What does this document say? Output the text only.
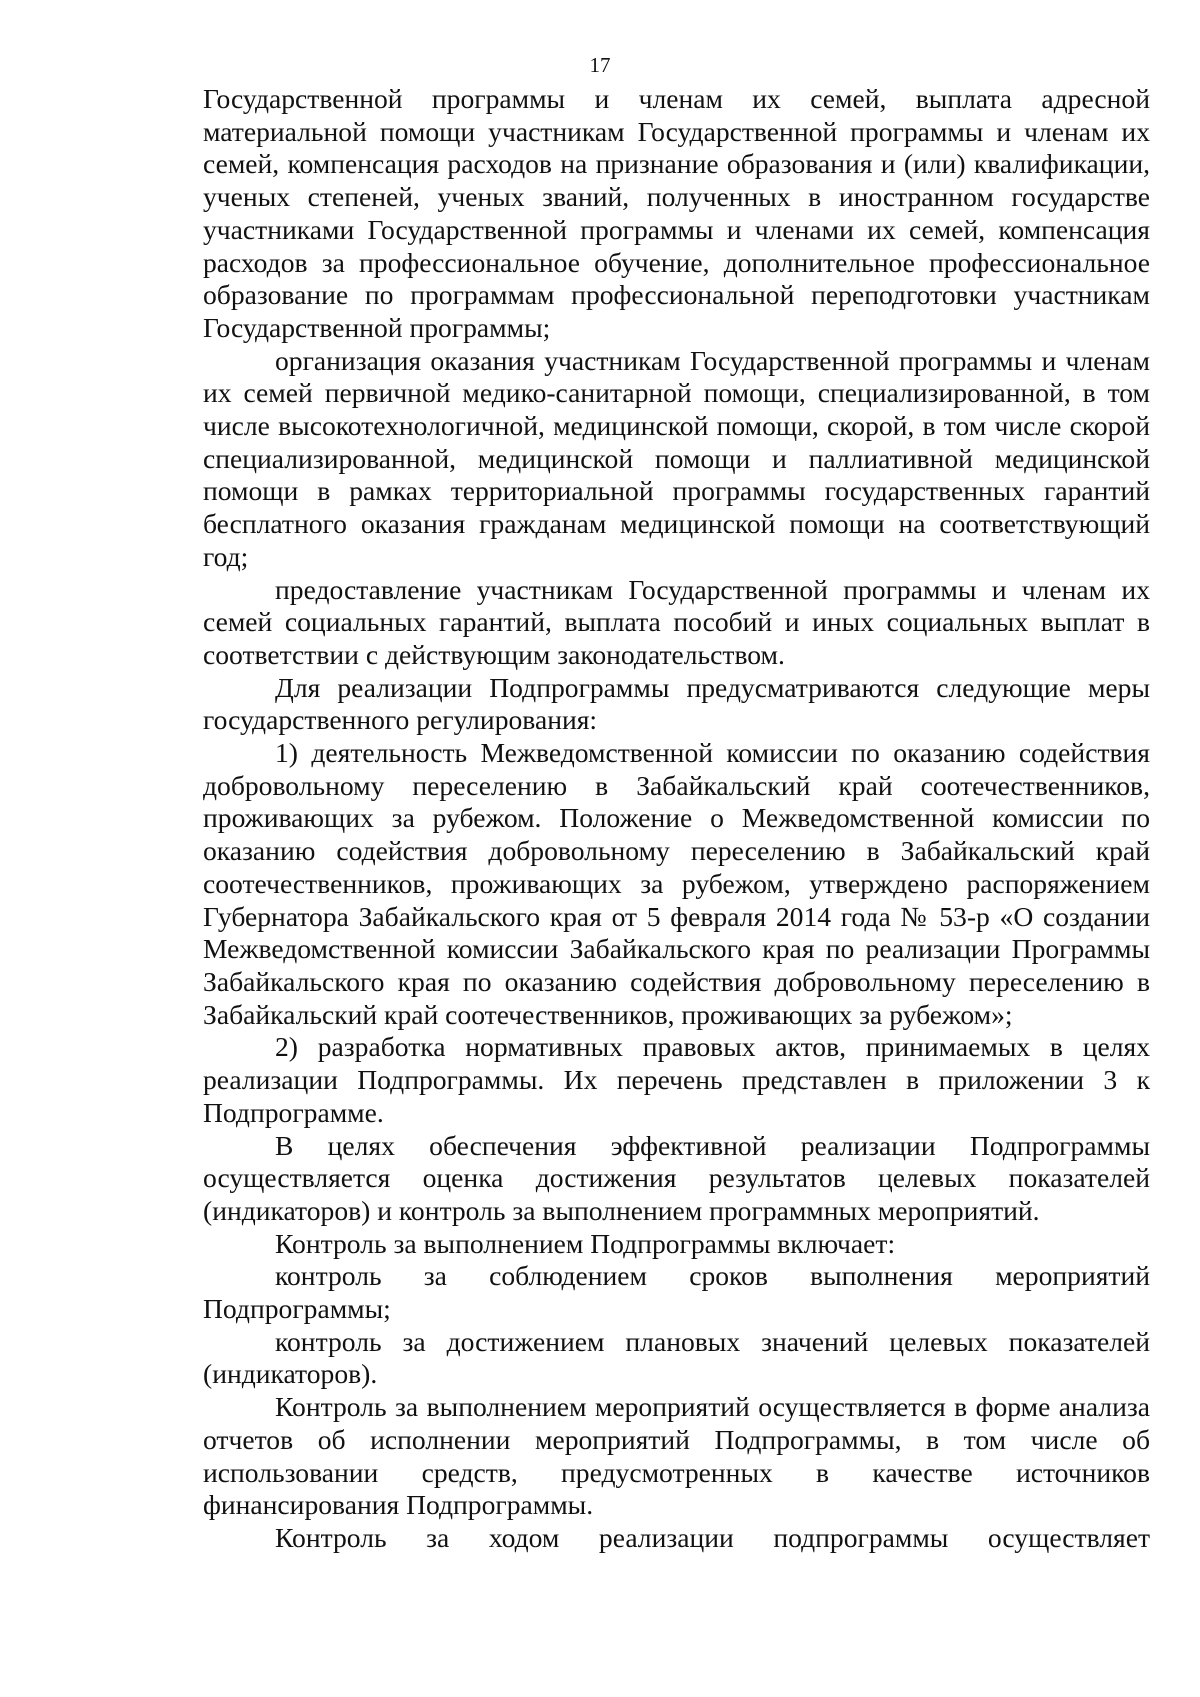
17

Государственной программы и членам их семей, выплата адресной материальной помощи участникам Государственной программы и членам их семей, компенсация расходов на признание образования и (или) квалификации, ученых степеней, ученых званий, полученных в иностранном государстве участниками Государственной программы и членами их семей, компенсация расходов за профессиональное обучение, дополнительное профессиональное образование по программам профессиональной переподготовки участникам Государственной программы;

организация оказания участникам Государственной программы и членам их семей первичной медико-санитарной помощи, специализированной, в том числе высокотехнологичной, медицинской помощи, скорой, в том числе скорой специализированной, медицинской помощи и паллиативной медицинской помощи в рамках территориальной программы государственных гарантий бесплатного оказания гражданам медицинской помощи на соответствующий год;

предоставление участникам Государственной программы и членам их семей социальных гарантий, выплата пособий и иных социальных выплат в соответствии с действующим законодательством.

Для реализации Подпрограммы предусматриваются следующие меры государственного регулирования:

1) деятельность Межведомственной комиссии по оказанию содействия добровольному переселению в Забайкальский край соотечественников, проживающих за рубежом. Положение о Межведомственной комиссии по оказанию содействия добровольному переселению в Забайкальский край соотечественников, проживающих за рубежом, утверждено распоряжением Губернатора Забайкальского края от 5 февраля 2014 года № 53-р «О создании Межведомственной комиссии Забайкальского края по реализации Программы Забайкальского края по оказанию содействия добровольному переселению в Забайкальский край соотечественников, проживающих за рубежом»;

2) разработка нормативных правовых актов, принимаемых в целях реализации Подпрограммы. Их перечень представлен в приложении 3 к Подпрограмме.

В целях обеспечения эффективной реализации Подпрограммы осуществляется оценка достижения результатов целевых показателей (индикаторов) и контроль за выполнением программных мероприятий.

Контроль за выполнением Подпрограммы включает:

контроль за соблюдением сроков выполнения мероприятий Подпрограммы;

контроль за достижением плановых значений целевых показателей (индикаторов).

Контроль за выполнением мероприятий осуществляется в форме анализа отчетов об исполнении мероприятий Подпрограммы, в том числе об использовании средств, предусмотренных в качестве источников финансирования Подпрограммы.

Контроль за ходом реализации подпрограммы осуществляет
